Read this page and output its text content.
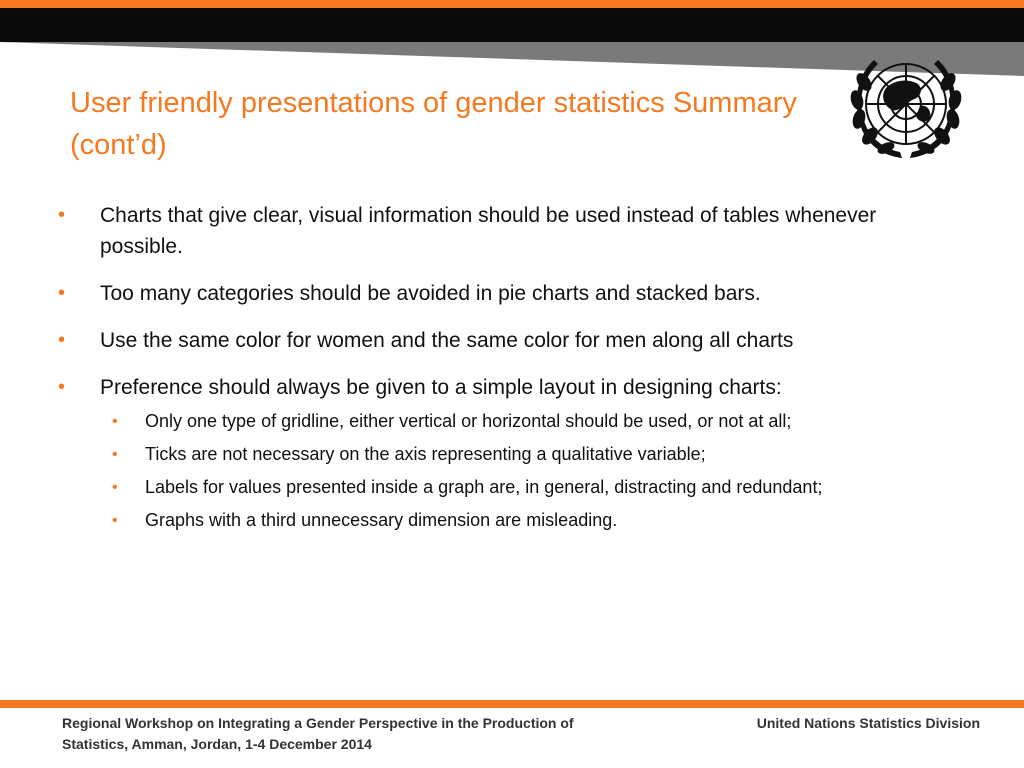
User friendly presentations of gender statistics Summary
(cont’d)
• Charts that give clear, visual information should be used instead of tables whenever possible.
• Too many categories should be avoided in pie charts and stacked bars.
• Use the same color for women and the same color for men along all charts
• Preference should always be given to a simple layout in designing charts:
• Only one type of gridline, either vertical or horizontal should be used, or not at all;
• Ticks are not necessary on the axis representing a qualitative variable;
• Labels for values presented inside a graph are, in general, distracting and redundant;
• Graphs with a third unnecessary dimension are misleading.
Regional Workshop on Integrating a Gender Perspective in the Production of
Statistics, Amman, Jordan, 1-4 December 2014
United Nations Statistics Division
